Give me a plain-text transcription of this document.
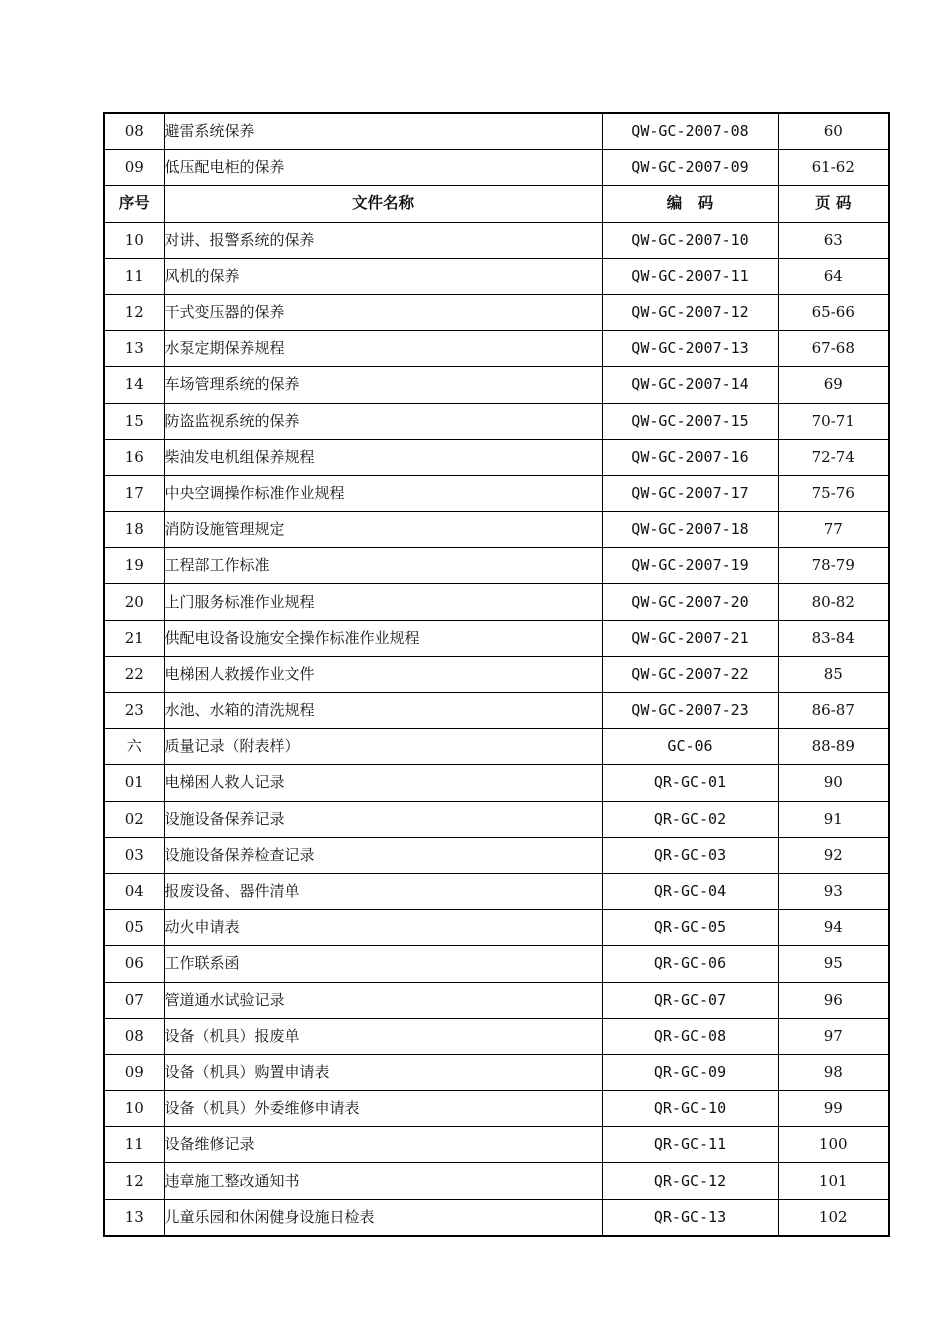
08	避雷系统保养	QW-GC-2007-08	60
09	低压配电柜的保养	QW-GC-2007-09	61-62
序号	文件名称	编　码	页 码
10	对讲、报警系统的保养	QW-GC-2007-10	63
11	风机的保养	QW-GC-2007-11	64
12	干式变压器的保养	QW-GC-2007-12	65-66
13	水泵定期保养规程	QW-GC-2007-13	67-68
14	车场管理系统的保养	QW-GC-2007-14	69
15	防盗监视系统的保养	QW-GC-2007-15	70-71
16	柴油发电机组保养规程	QW-GC-2007-16	72-74
17	中央空调操作标准作业规程	QW-GC-2007-17	75-76
18	消防设施管理规定	QW-GC-2007-18	77
19	工程部工作标准	QW-GC-2007-19	78-79
20	上门服务标准作业规程	QW-GC-2007-20	80-82
21	供配电设备设施安全操作标准作业规程	QW-GC-2007-21	83-84
22	电梯困人救援作业文件	QW-GC-2007-22	85
23	水池、水箱的清洗规程	QW-GC-2007-23	86-87
六	质量记录（附表样）	GC-06	88-89
01	电梯困人救人记录	QR-GC-01	90
02	设施设备保养记录	QR-GC-02	91
03	设施设备保养检查记录	QR-GC-03	92
04	报废设备、器件清单	QR-GC-04	93
05	动火申请表	QR-GC-05	94
06	工作联系函	QR-GC-06	95
07	管道通水试验记录	QR-GC-07	96
08	设备（机具）报废单	QR-GC-08	97
09	设备（机具）购置申请表	QR-GC-09	98
10	设备（机具）外委维修申请表	QR-GC-10	99
11	设备维修记录	QR-GC-11	100
12	违章施工整改通知书	QR-GC-12	101
13	儿童乐园和休闲健身设施日检表	QR-GC-13	102
